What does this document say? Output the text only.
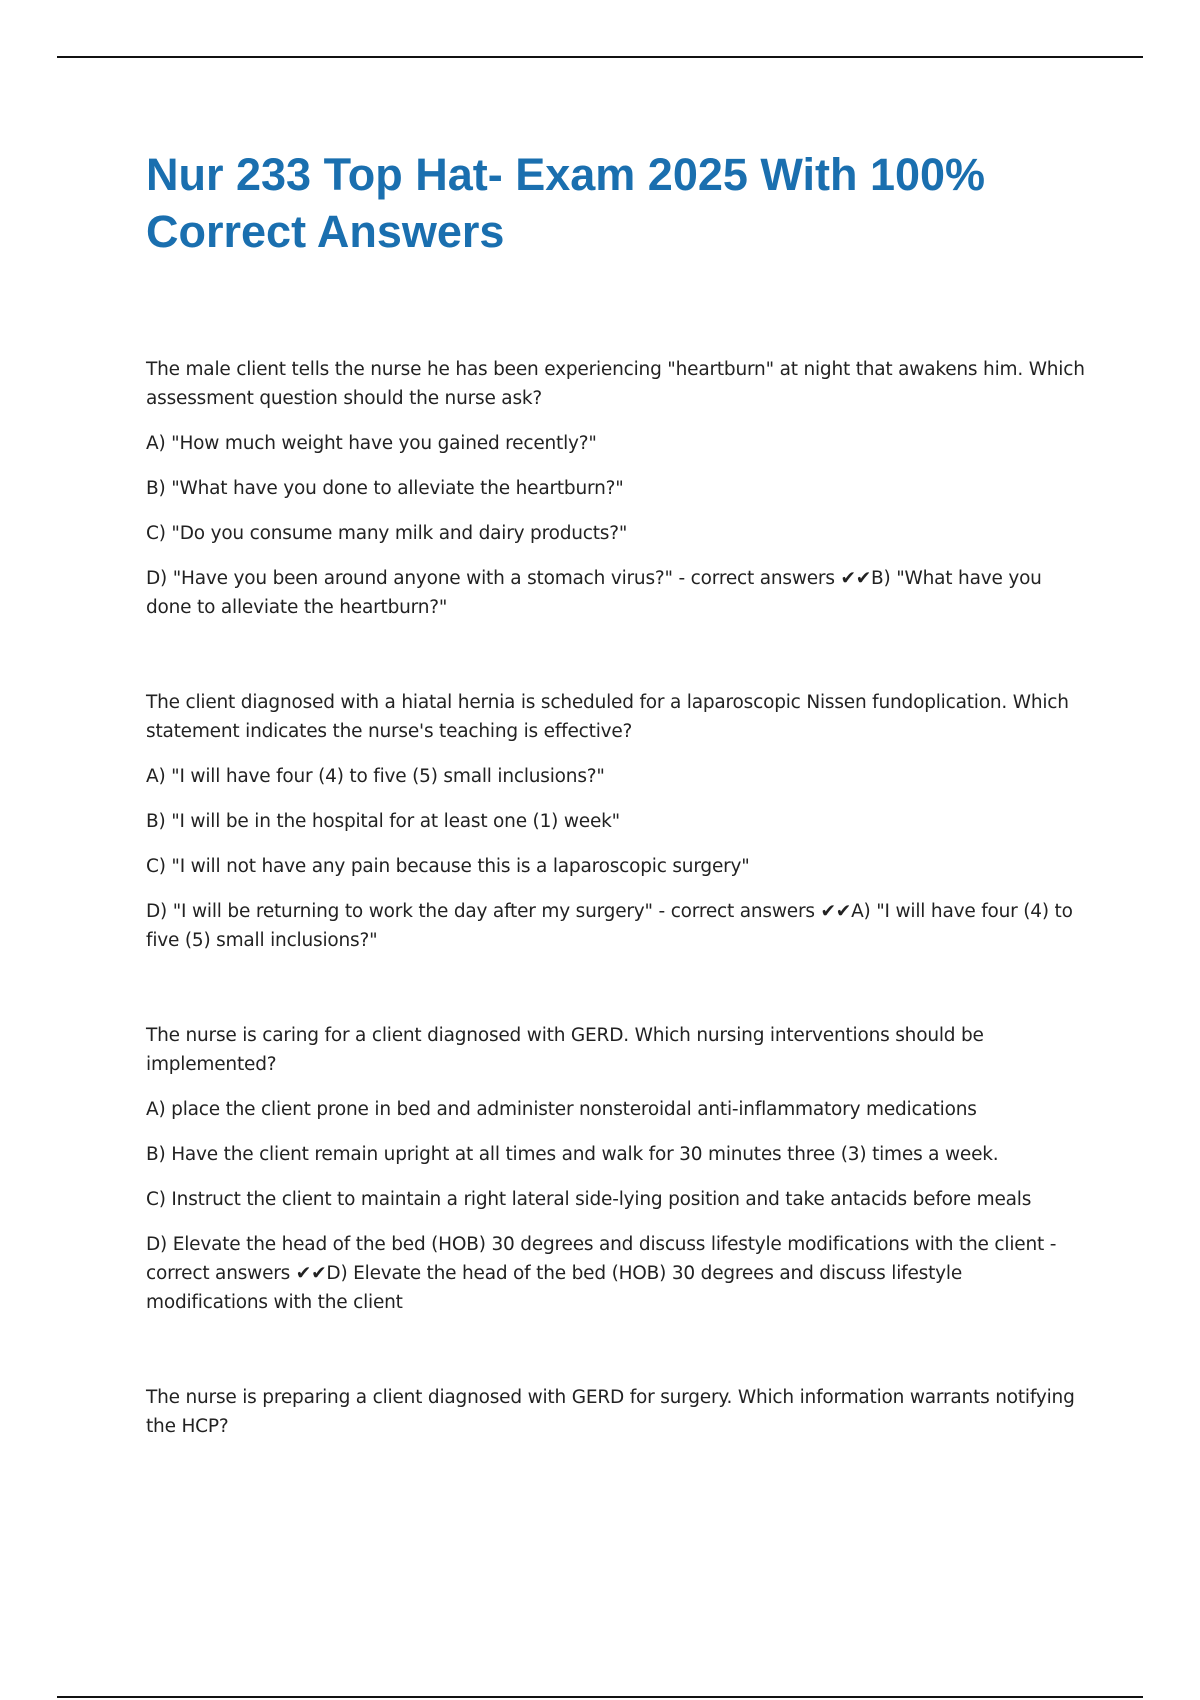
Nur 233 Top Hat- Exam 2025 With 100%
Correct Answers

The male client tells the nurse he has been experiencing "heartburn" at night that awakens him. Which assessment question should the nurse ask?

A) "How much weight have you gained recently?"

B) "What have you done to alleviate the heartburn?"

C) "Do you consume many milk and dairy products?"

D) "Have you been around anyone with a stomach virus?" - correct answers ✔✔B) "What have you done to alleviate the heartburn?"

The client diagnosed with a hiatal hernia is scheduled for a laparoscopic Nissen fundoplication. Which statement indicates the nurse's teaching is effective?

A) "I will have four (4) to five (5) small inclusions?"

B) "I will be in the hospital for at least one (1) week"

C) "I will not have any pain because this is a laparoscopic surgery"

D) "I will be returning to work the day after my surgery" - correct answers ✔✔A) "I will have four (4) to five (5) small inclusions?"

The nurse is caring for a client diagnosed with GERD. Which nursing interventions should be implemented?

A) place the client prone in bed and administer nonsteroidal anti-inflammatory medications

B) Have the client remain upright at all times and walk for 30 minutes three (3) times a week.

C) Instruct the client to maintain a right lateral side-lying position and take antacids before meals

D) Elevate the head of the bed (HOB) 30 degrees and discuss lifestyle modifications with the client - correct answers ✔✔D) Elevate the head of the bed (HOB) 30 degrees and discuss lifestyle modifications with the client

The nurse is preparing a client diagnosed with GERD for surgery. Which information warrants notifying the HCP?
